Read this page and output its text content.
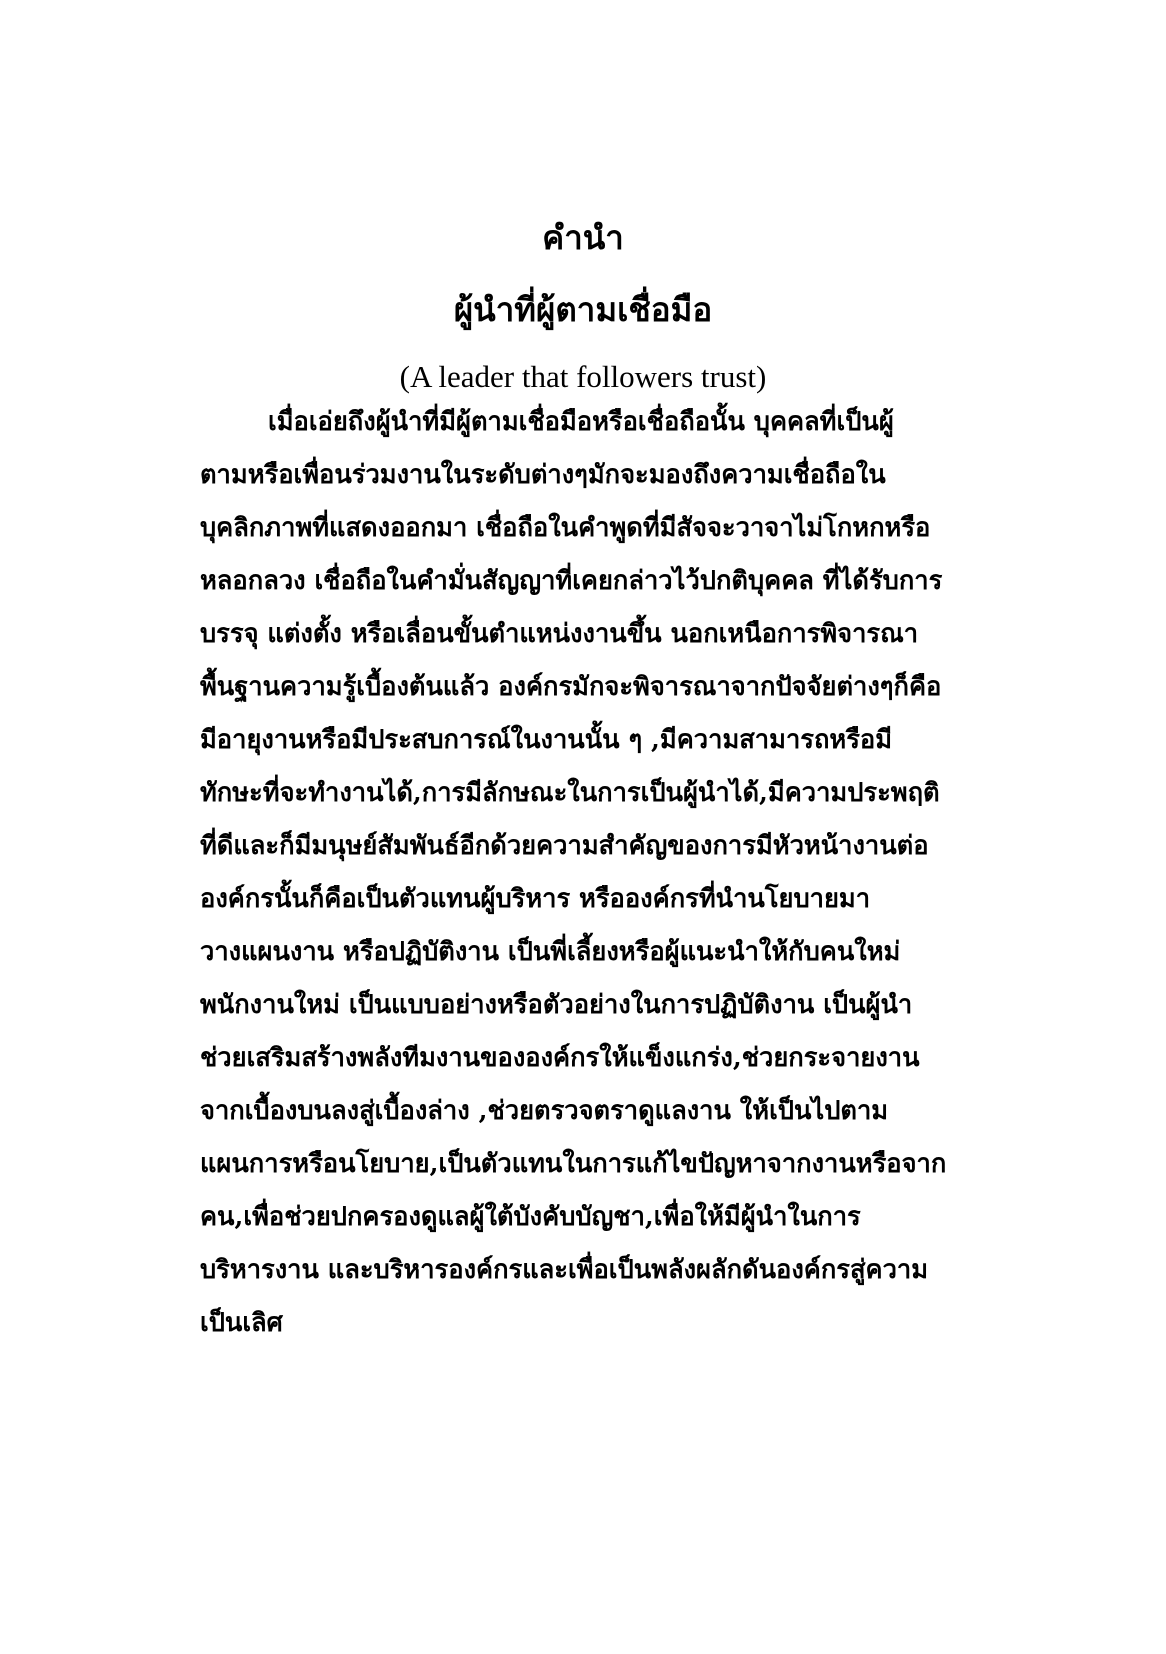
คำนำ
ผู้นำที่ผู้ตามเชื่อมือ
(A leader that followers trust)
เมื่อเอ่ยถึงผู้นำที่มีผู้ตามเชื่อมือหรือเชื่อถือนั้น บุคคลที่เป็นผู้
ตามหรือเพื่อนร่วมงานในระดับต่างๆมักจะมองถึงความเชื่อถือใน
บุคลิกภาพที่แสดงออกมา เชื่อถือในคำพูดที่มีสัจจะวาจาไม่โกหกหรือ
หลอกลวง เชื่อถือในคำมั่นสัญญาที่เคยกล่าวไว้ปกติบุคคล ที่ได้รับการ
บรรจุ แต่งตั้ง หรือเลื่อนขั้นตำแหน่งงานขึ้น นอกเหนือการพิจารณา
พื้นฐานความรู้เบื้องต้นแล้ว องค์กรมักจะพิจารณาจากปัจจัยต่างๆก็คือ
มีอายุงานหรือมีประสบการณ์ในงานนั้น ๆ ,มีความสามารถหรือมี
ทักษะที่จะทำงานได้,การมีลักษณะในการเป็นผู้นำได้,มีความประพฤติ
ที่ดีและก็มีมนุษย์สัมพันธ์อีกด้วยความสำคัญของการมีหัวหน้างานต่อ
องค์กรนั้นก็คือเป็นตัวแทนผู้บริหาร หรือองค์กรที่นำนโยบายมา
วางแผนงาน หรือปฏิบัติงาน เป็นพี่เลี้ยงหรือผู้แนะนำให้กับคนใหม่
พนักงานใหม่ เป็นแบบอย่างหรือตัวอย่างในการปฏิบัติงาน เป็นผู้นำ
ช่วยเสริมสร้างพลังทีมงานขององค์กรให้แข็งแกร่ง,ช่วยกระจายงาน
จากเบื้องบนลงสู่เบื้องล่าง ,ช่วยตรวจตราดูแลงาน ให้เป็นไปตาม
แผนการหรือนโยบาย,เป็นตัวแทนในการแก้ไขปัญหาจากงานหรือจาก
คน,เพื่อช่วยปกครองดูแลผู้ใต้บังคับบัญชา,เพื่อให้มีผู้นำในการ
บริหารงาน และบริหารองค์กรและเพื่อเป็นพลังผลักดันองค์กรสู่ความ
เป็นเลิศ
